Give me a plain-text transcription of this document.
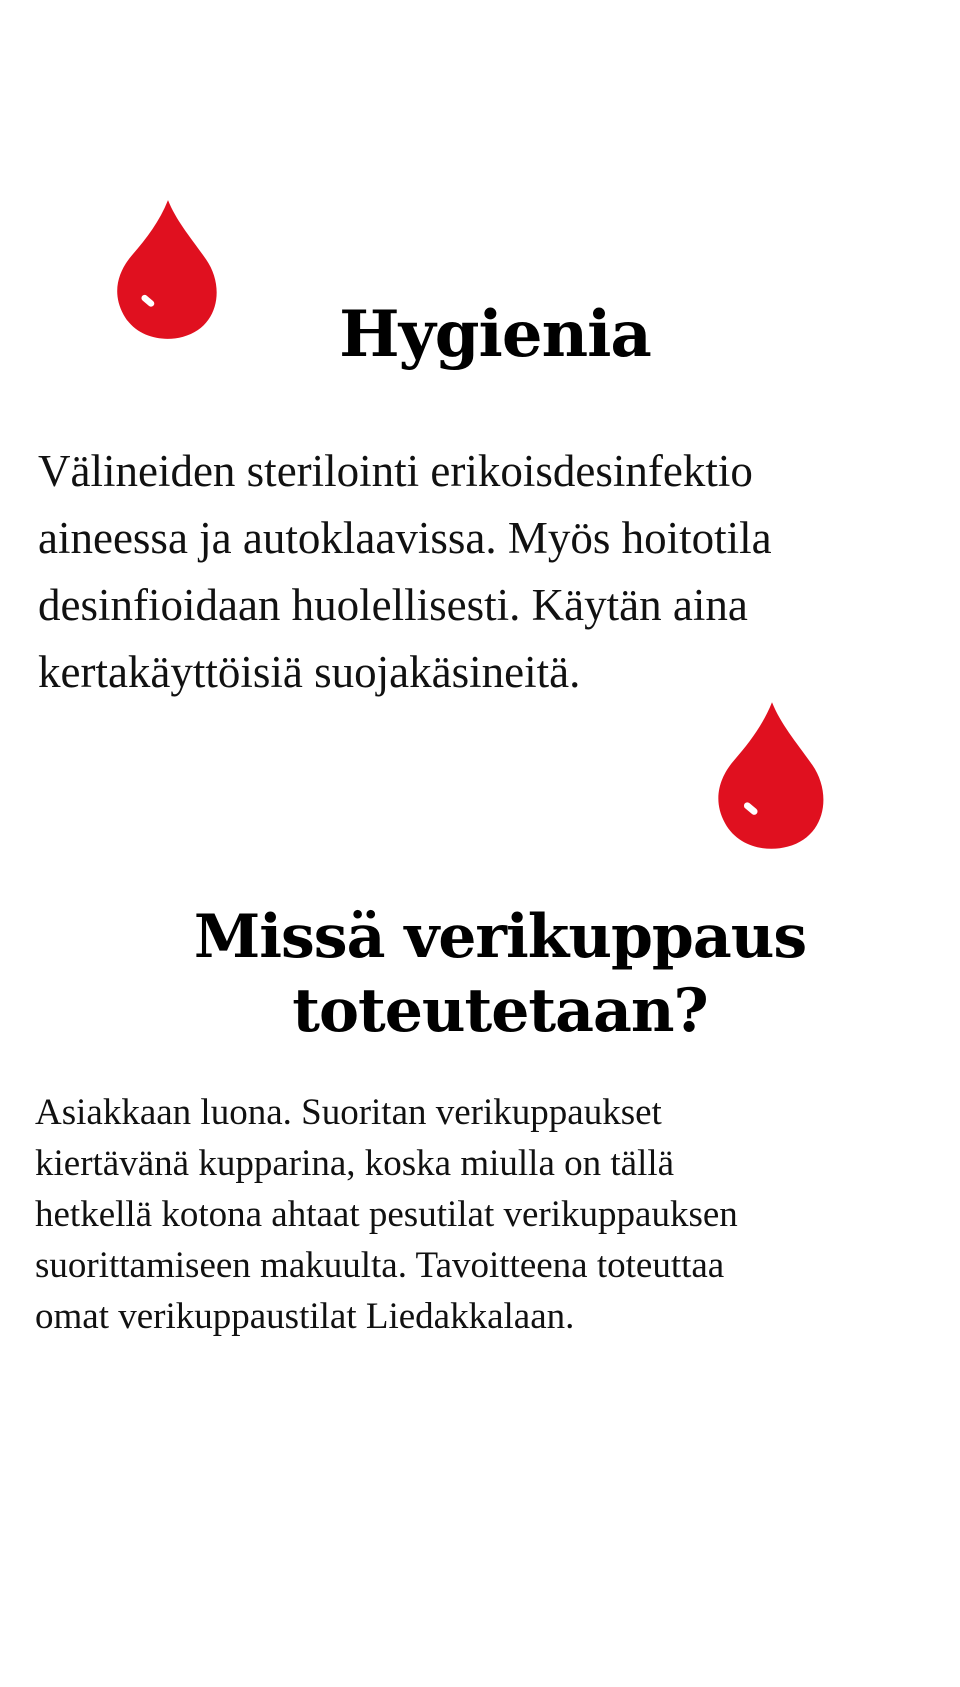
Hygienia
Välineiden sterilointi erikoisdesinfektio
aineessa ja autoklaavissa. Myös hoitotila
desinfioidaan huolellisesti. Käytän aina
kertakäyttöisiä suojakäsineitä.
Missä verikuppaus
toteutetaan?
Asiakkaan luona. Suoritan verikuppaukset
kiertävänä kupparina, koska miulla on tällä
hetkellä kotona ahtaat pesutilat verikuppauksen
suorittamiseen makuulta. Tavoitteena toteuttaa
omat verikuppaustilat Liedakkalaan.
